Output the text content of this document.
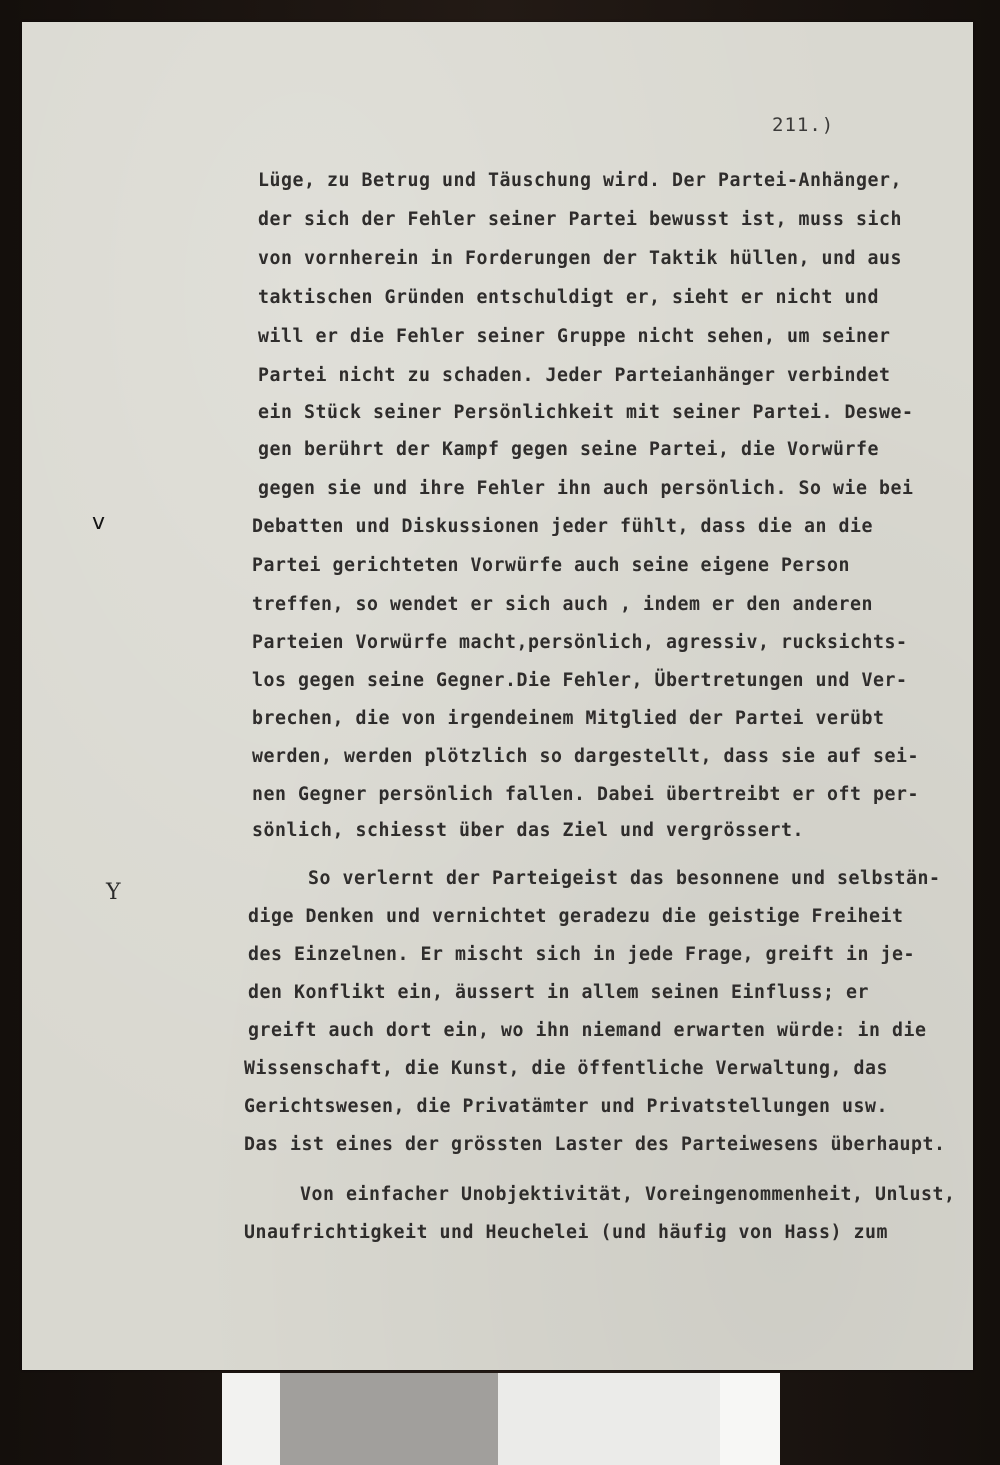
211.)
Lüge, zu Betrug und Täuschung wird. Der Partei-Anhänger,
der sich der Fehler seiner Partei bewusst ist, muss sich
von vornherein in Forderungen der Taktik hüllen, und aus
taktischen Gründen entschuldigt er, sieht er nicht und
will er die Fehler seiner Gruppe nicht sehen, um seiner
Partei nicht zu schaden. Jeder Parteianhänger verbindet
ein Stück seiner Persönlichkeit mit seiner Partei. Deswe-
gen berührt der Kampf gegen seine Partei, die Vorwürfe
gegen sie und ihre Fehler ihn auch persönlich. So wie bei
Debatten und Diskussionen jeder fühlt, dass die an die
Partei gerichteten Vorwürfe auch seine eigene Person
treffen, so wendet er sich auch , indem er den anderen
Parteien Vorwürfe macht,persönlich, agressiv, rucksichts-
los gegen seine Gegner.Die Fehler, Übertretungen und Ver-
brechen, die von irgendeinem Mitglied der Partei verübt
werden, werden plötzlich so dargestellt, dass sie auf sei-
nen Gegner persönlich fallen. Dabei übertreibt er oft per-
sönlich, schiesst über das Ziel und vergrössert.
So verlernt der Parteigeist das besonnene und selbstän-
dige Denken und vernichtet geradezu die geistige Freiheit
des Einzelnen. Er mischt sich in jede Frage, greift in je-
den Konflikt ein, äussert in allem seinen Einfluss; er
greift auch dort ein, wo ihn niemand erwarten würde: in die
Wissenschaft, die Kunst, die öffentliche Verwaltung, das
Gerichtswesen, die Privatämter und Privatstellungen usw.
Das ist eines der grössten Laster des Parteiwesens überhaupt.
Von einfacher Unobjektivität, Voreingenommenheit, Unlust,
Unaufrichtigkeit und Heuchelei (und häufig von Hass) zum
v
Y
